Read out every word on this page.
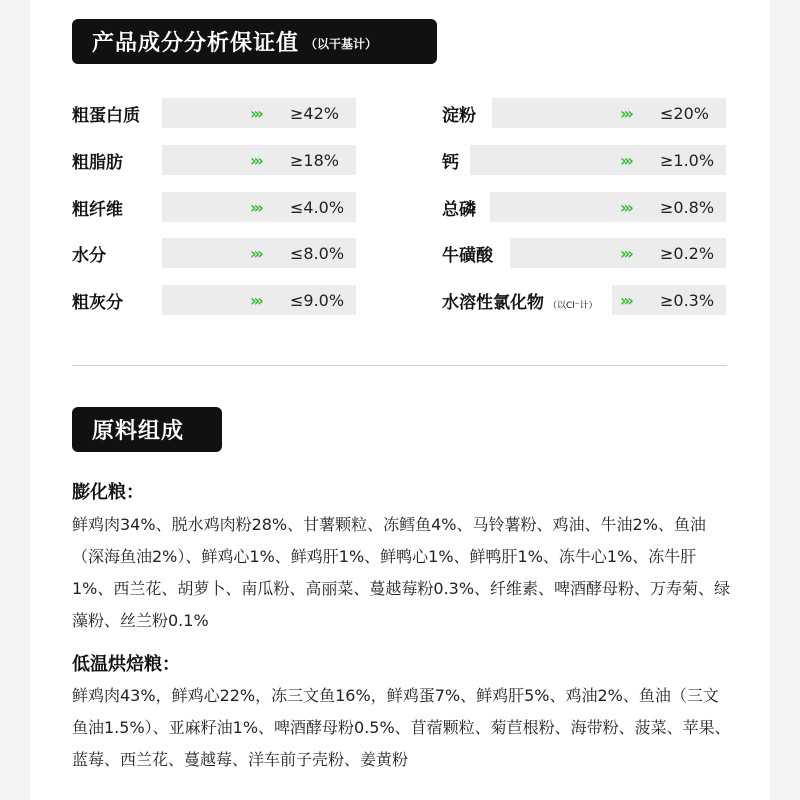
产品成分分析保证值 （以干基计）
粗蛋白质	›››	≥42%
粗脂肪	›››	≥18%
粗纤维	›››	≤4.0%
水分	›››	≤8.0%
粗灰分	›››	≤9.0%
淀粉	›››	≤20%
钙	›››	≥1.0%
总磷	›››	≥0.8%
牛磺酸	›››	≥0.2%
水溶性氯化物 （以Cl⁻计） ›››	≥0.3%
原料组成
膨化粮：
鲜鸡肉34%、脱水鸡肉粉28%、甘薯颗粒、冻鳕鱼4%、马铃薯粉、鸡油、牛油2%、鱼油（深海鱼油2%）、鲜鸡心1%、鲜鸡肝1%、鲜鸭心1%、鲜鸭肝1%、冻牛心1%、冻牛肝1%、西兰花、胡萝卜、南瓜粉、高丽菜、蔓越莓粉0.3%、纤维素、啤酒酵母粉、万寿菊、绿藻粉、丝兰粉0.1%
低温烘焙粮：
鲜鸡肉43%，鲜鸡心22%，冻三文鱼16%，鲜鸡蛋7%、鲜鸡肝5%、鸡油2%、鱼油（三文鱼油1.5%）、亚麻籽油1%、啤酒酵母粉0.5%、苜蓿颗粒、菊苣根粉、海带粉、菠菜、苹果、蓝莓、西兰花、蔓越莓、洋车前子壳粉、姜黄粉
